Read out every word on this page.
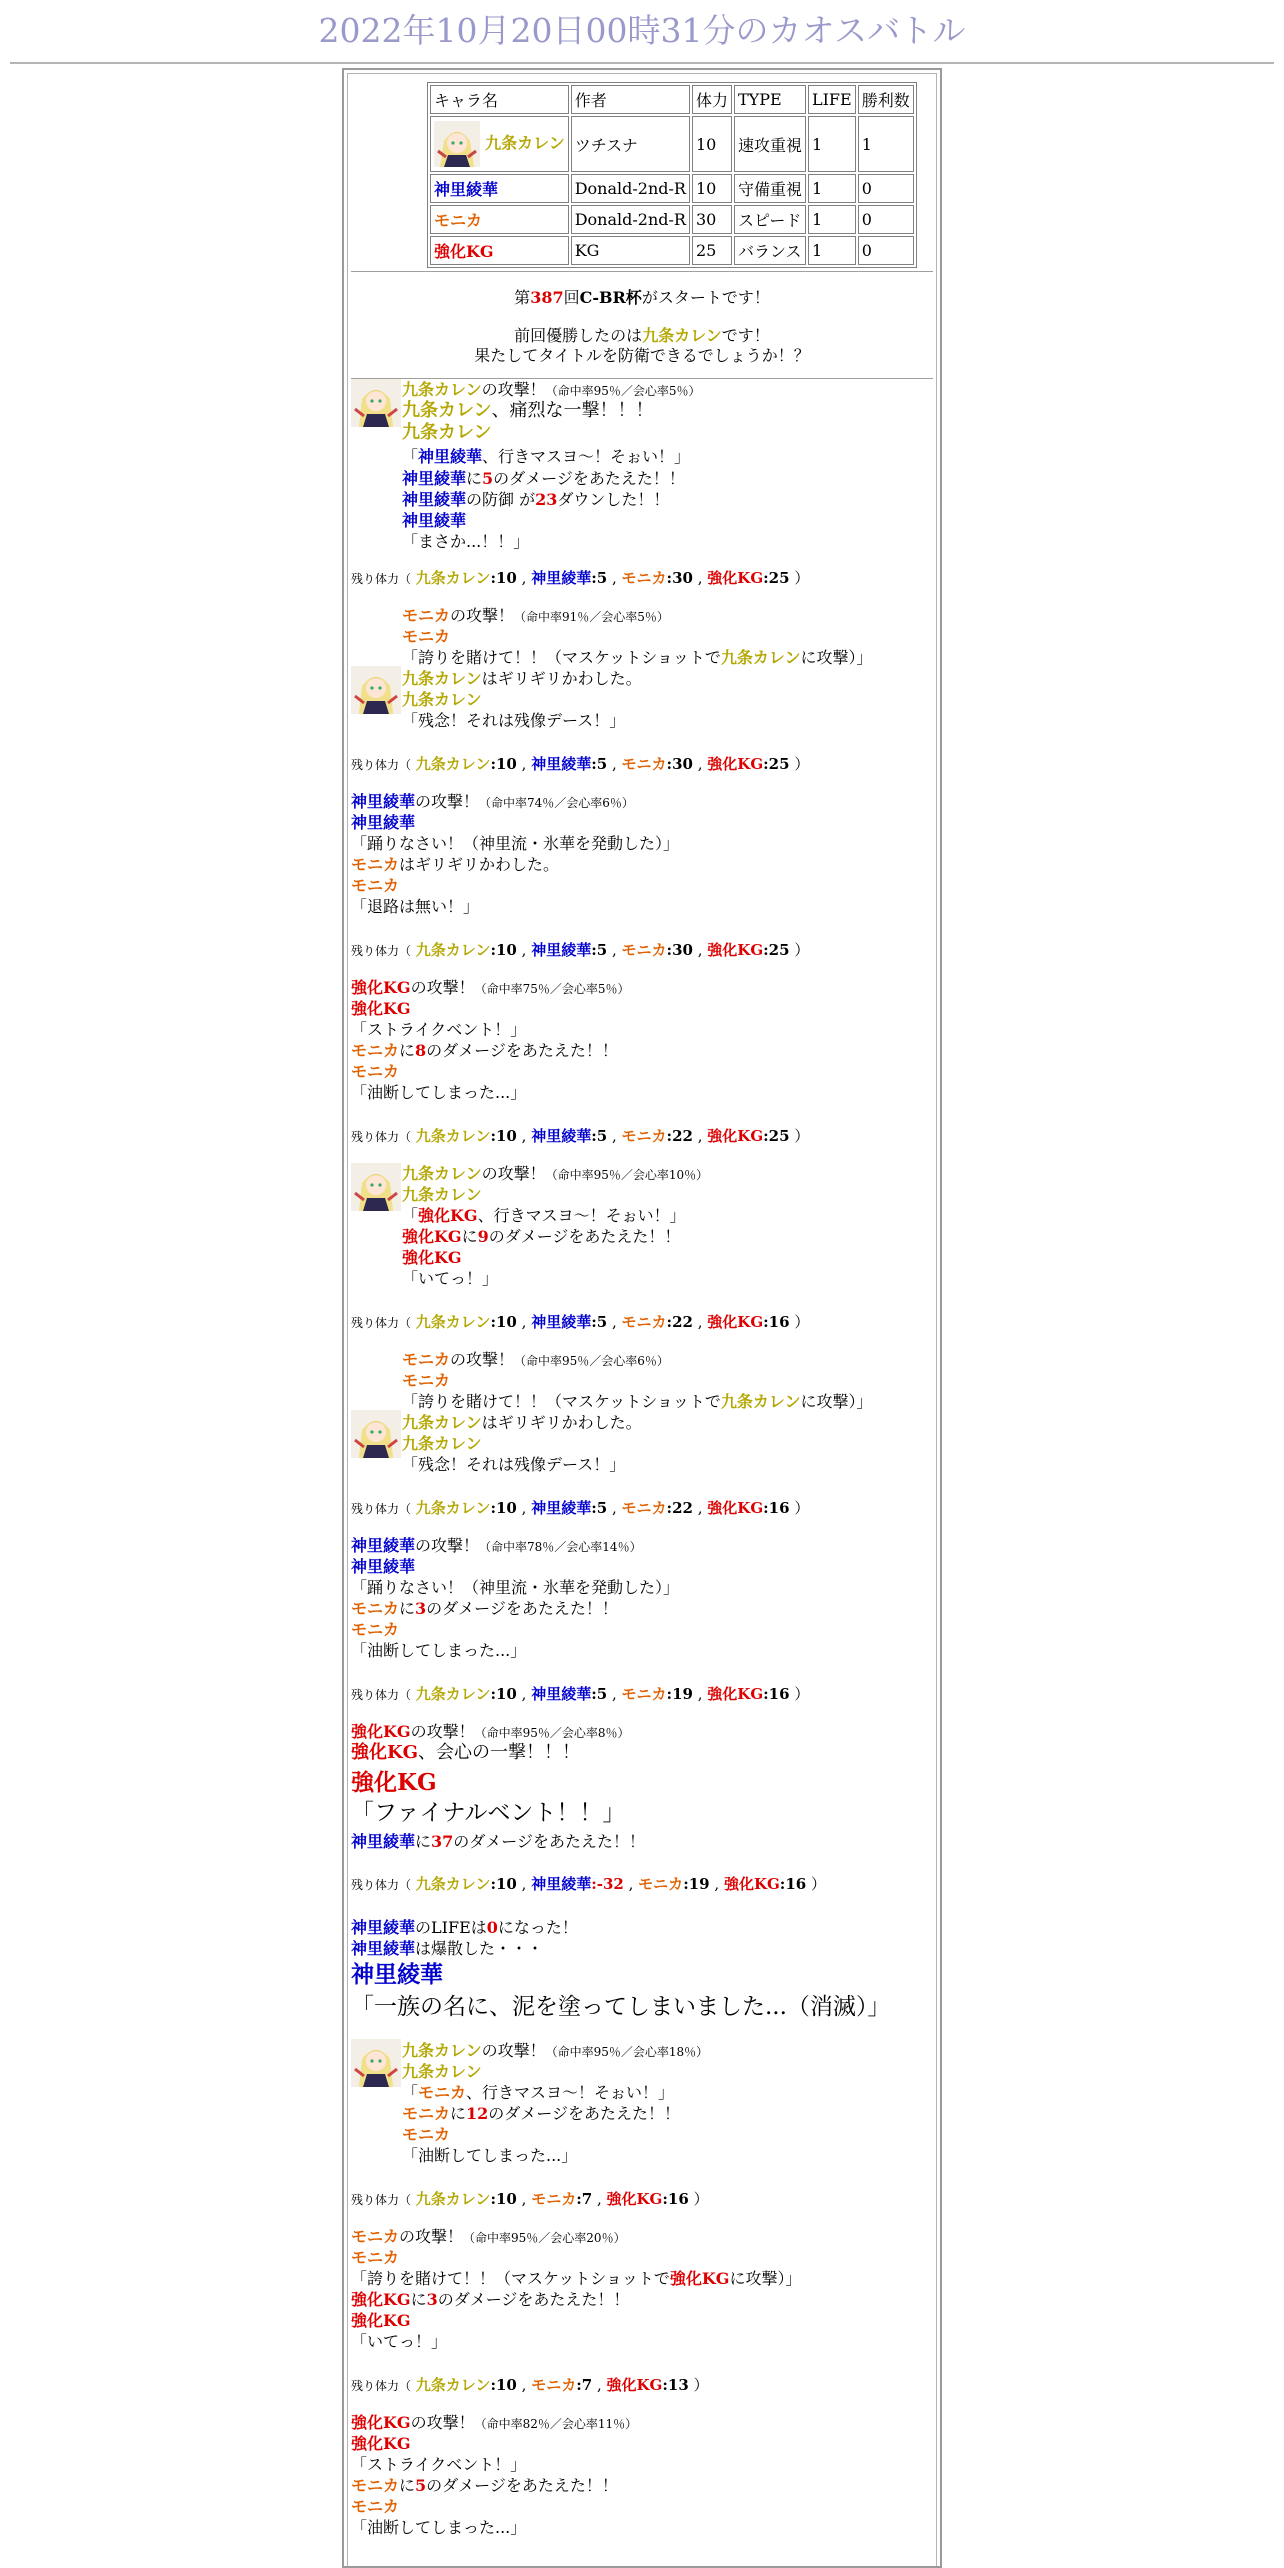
2022年10月20日00時31分のカオスバトル
キャラ名	作者	体力	TYPE	LIFE	勝利数
九条カレン	ツチスナ	10	速攻重視	1	1
神里綾華	Donald-2nd-R	10	守備重視	1	0
モニカ	Donald-2nd-R	30	スピード	1	0
強化KG	KG	25	バランス	1	0
第387回C-BR杯がスタートです！
前回優勝したのは九条カレンです！
果たしてタイトルを防衛できるでしょうか！？
九条カレンの攻撃！（命中率95％／会心率5％）
九条カレン、痛烈な一撃！！！
九条カレン
「神里綾華、行きマスヨ～！そぉい！」
神里綾華に5のダメージをあたえた！！
神里綾華の防御 が23ダウンした！！
神里綾華
「まさか...！！」
残り体力（ 九条カレン:10 , 神里綾華:5 , モニカ:30 , 強化KG:25 ）
モニカの攻撃！（命中率91％／会心率5％）
モニカ
「誇りを賭けて！！（マスケットショットで九条カレンに攻撃）」
九条カレンはギリギリかわした。
九条カレン
「残念！それは残像デース！」
残り体力（ 九条カレン:10 , 神里綾華:5 , モニカ:30 , 強化KG:25 ）
神里綾華の攻撃！（命中率74％／会心率6％）
神里綾華
「踊りなさい！（神里流・氷華を発動した）」
モニカはギリギリかわした。
モニカ
「退路は無い！」
残り体力（ 九条カレン:10 , 神里綾華:5 , モニカ:30 , 強化KG:25 ）
強化KGの攻撃！（命中率75％／会心率5％）
強化KG
「ストライクベント！」
モニカに8のダメージをあたえた！！
モニカ
「油断してしまった...」
残り体力（ 九条カレン:10 , 神里綾華:5 , モニカ:22 , 強化KG:25 ）
九条カレンの攻撃！（命中率95％／会心率10％）
九条カレン
「強化KG、行きマスヨ～！そぉい！」
強化KGに9のダメージをあたえた！！
強化KG
「いてっ！」
残り体力（ 九条カレン:10 , 神里綾華:5 , モニカ:22 , 強化KG:16 ）
モニカの攻撃！（命中率95％／会心率6％）
モニカ
「誇りを賭けて！！（マスケットショットで九条カレンに攻撃）」
九条カレンはギリギリかわした。
九条カレン
「残念！それは残像デース！」
残り体力（ 九条カレン:10 , 神里綾華:5 , モニカ:22 , 強化KG:16 ）
神里綾華の攻撃！（命中率78％／会心率14％）
神里綾華
「踊りなさい！（神里流・氷華を発動した）」
モニカに3のダメージをあたえた！！
モニカ
「油断してしまった...」
残り体力（ 九条カレン:10 , 神里綾華:5 , モニカ:19 , 強化KG:16 ）
強化KGの攻撃！（命中率95％／会心率8％）
強化KG、会心の一撃！！！
強化KG
「ファイナルベント！！」
神里綾華に37のダメージをあたえた！！
残り体力（ 九条カレン:10 , 神里綾華:-32 , モニカ:19 , 強化KG:16 ）
神里綾華のLIFEは0になった！
神里綾華は爆散した・・・
神里綾華
「一族の名に、泥を塗ってしまいました...（消滅）」
九条カレンの攻撃！（命中率95％／会心率18％）
九条カレン
「モニカ、行きマスヨ～！そぉい！」
モニカに12のダメージをあたえた！！
モニカ
「油断してしまった...」
残り体力（ 九条カレン:10 , モニカ:7 , 強化KG:16 ）
モニカの攻撃！（命中率95％／会心率20％）
モニカ
「誇りを賭けて！！（マスケットショットで強化KGに攻撃）」
強化KGに3のダメージをあたえた！！
強化KG
「いてっ！」
残り体力（ 九条カレン:10 , モニカ:7 , 強化KG:13 ）
強化KGの攻撃！（命中率82％／会心率11％）
強化KG
「ストライクベント！」
モニカに5のダメージをあたえた！！
モニカ
「油断してしまった...」
